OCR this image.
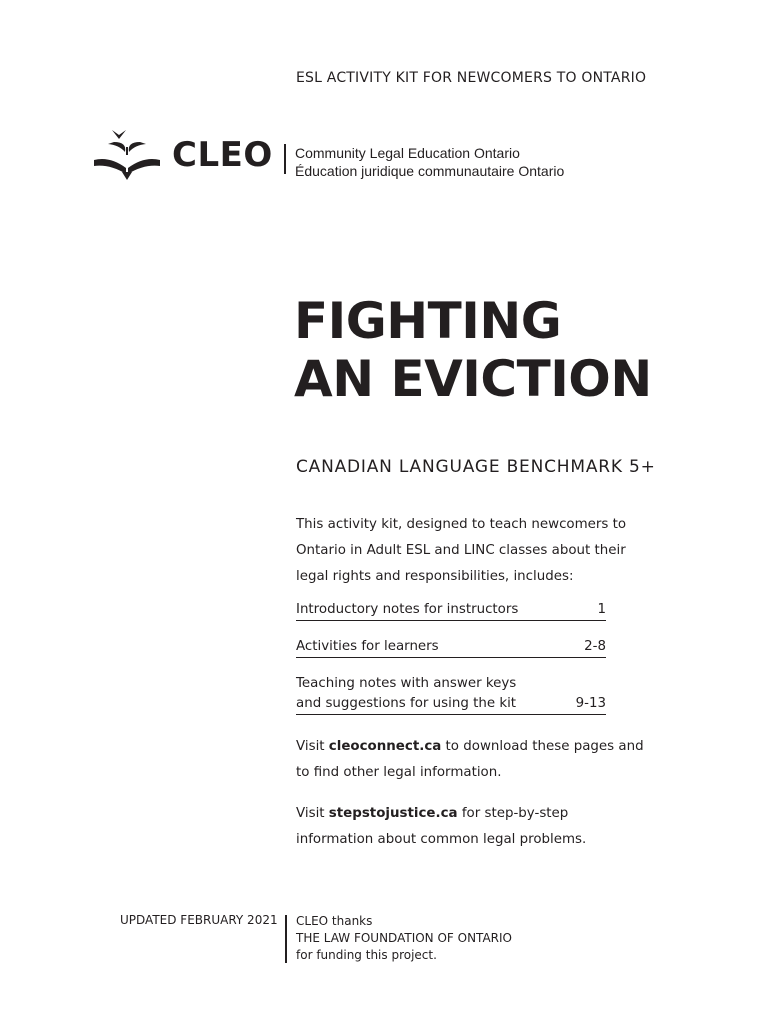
ESL ACTIVITY KIT FOR NEWCOMERS TO ONTARIO
CLEO Community Legal Education Ontario
Éducation juridique communautaire Ontario
FIGHTING
AN EVICTION
CANADIAN LANGUAGE BENCHMARK 5+

This activity kit, designed to teach newcomers to Ontario in Adult ESL and LINC classes about their legal rights and responsibilities, includes:

Introductory notes for instructors	1
Activities for learners	2-8
Teaching notes with answer keys and suggestions for using the kit	9-13

Visit cleoconnect.ca to download these pages and to find other legal information.

Visit stepstojustice.ca for step-by-step information about common legal problems.

UPDATED FEBRUARY 2021 CLEO thanks
THE LAW FOUNDATION OF ONTARIO
for funding this project.
